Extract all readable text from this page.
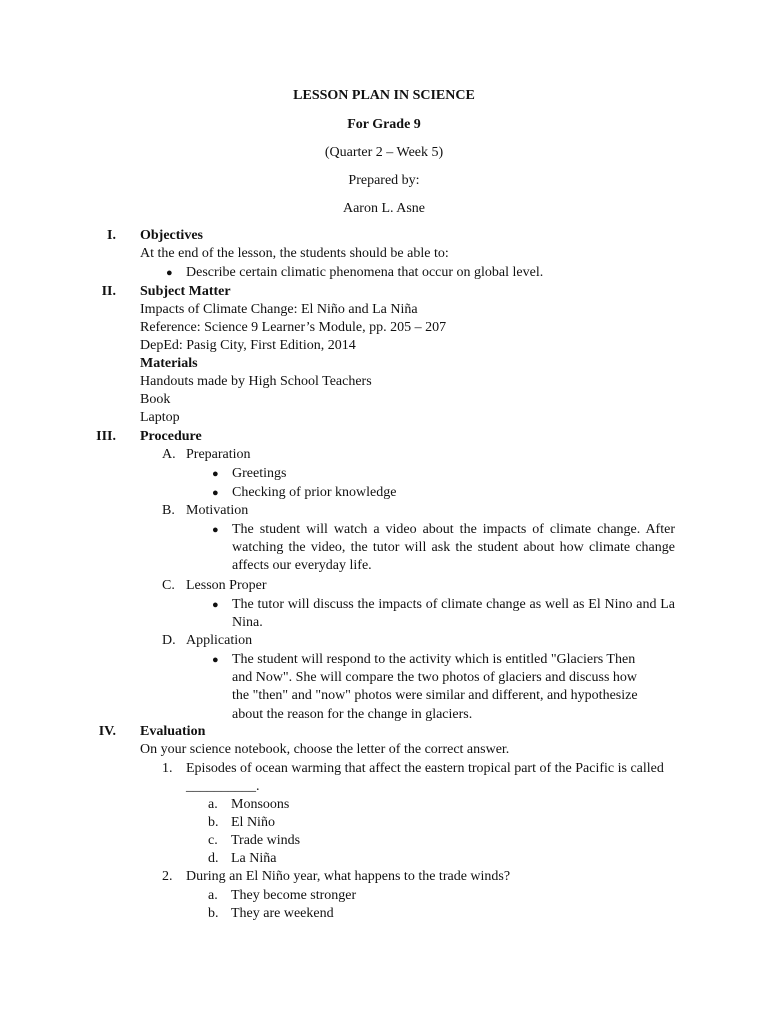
LESSON PLAN IN SCIENCE
For Grade 9
(Quarter 2 – Week 5)
Prepared by:
Aaron L. Asne
I. Objectives
At the end of the lesson, the students should be able to:
● Describe certain climatic phenomena that occur on global level.
II. Subject Matter
Impacts of Climate Change: El Niño and La Niña
Reference: Science 9 Learner’s Module, pp. 205 – 207
DepEd: Pasig City, First Edition, 2014
Materials
Handouts made by High School Teachers
Book
Laptop
III. Procedure
A. Preparation
● Greetings
● Checking of prior knowledge
B. Motivation
● The student will watch a video about the impacts of climate change. After watching the video, the tutor will ask the student about how climate change affects our everyday life.
C. Lesson Proper
● The tutor will discuss the impacts of climate change as well as El Nino and La Nina.
D. Application
● The student will respond to the activity which is entitled "Glaciers Then and Now". She will compare the two photos of glaciers and discuss how the "then" and "now" photos were similar and different, and hypothesize about the reason for the change in glaciers.
IV. Evaluation
On your science notebook, choose the letter of the correct answer.
1. Episodes of ocean warming that affect the eastern tropical part of the Pacific is called __________.
a. Monsoons
b. El Niño
c. Trade winds
d. La Niña
2. During an El Niño year, what happens to the trade winds?
a. They become stronger
b. They are weekend
